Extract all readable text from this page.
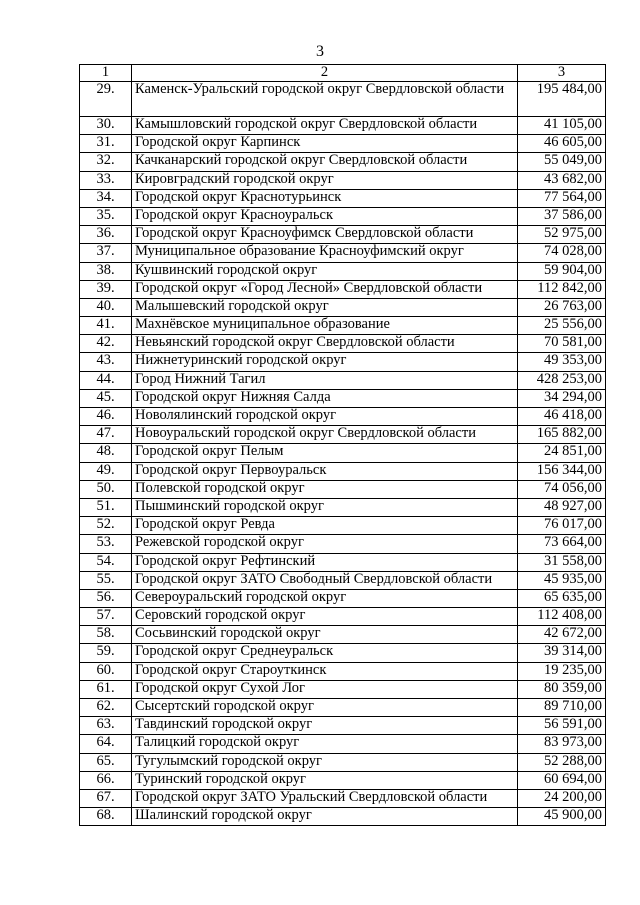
3
1	2	3
29.	Каменск-Уральский городской округ Свердловской области	195 484,00
30.	Камышловский городской округ Свердловской области	41 105,00
31.	Городской округ Карпинск	46 605,00
32.	Качканарский городской округ Свердловской области	55 049,00
33.	Кировградский городской округ	43 682,00
34.	Городской округ Краснотурьинск	77 564,00
35.	Городской округ Красноуральск	37 586,00
36.	Городской округ Красноуфимск Свердловской области	52 975,00
37.	Муниципальное образование Красноуфимский округ	74 028,00
38.	Кушвинский городской округ	59 904,00
39.	Городской округ «Город Лесной» Свердловской области	112 842,00
40.	Малышевский городской округ	26 763,00
41.	Махнёвское муниципальное образование	25 556,00
42.	Невьянский городской округ Свердловской области	70 581,00
43.	Нижнетуринский городской округ	49 353,00
44.	Город Нижний Тагил	428 253,00
45.	Городской округ Нижняя Салда	34 294,00
46.	Новолялинский городской округ	46 418,00
47.	Новоуральский городской округ Свердловской области	165 882,00
48.	Городской округ Пелым	24 851,00
49.	Городской округ Первоуральск	156 344,00
50.	Полевской городской округ	74 056,00
51.	Пышминский городской округ	48 927,00
52.	Городской округ Ревда	76 017,00
53.	Режевской городской округ	73 664,00
54.	Городской округ Рефтинский	31 558,00
55.	Городской округ ЗАТО Свободный Свердловской области	45 935,00
56.	Североуральский городской округ	65 635,00
57.	Серовский городской округ	112 408,00
58.	Сосьвинский городской округ	42 672,00
59.	Городской округ Среднеуральск	39 314,00
60.	Городской округ Староуткинск	19 235,00
61.	Городской округ Сухой Лог	80 359,00
62.	Сысертский городской округ	89 710,00
63.	Тавдинский городской округ	56 591,00
64.	Талицкий городской округ	83 973,00
65.	Тугулымский городской округ	52 288,00
66.	Туринский городской округ	60 694,00
67.	Городской округ ЗАТО Уральский Свердловской области	24 200,00
68.	Шалинский городской округ	45 900,00
